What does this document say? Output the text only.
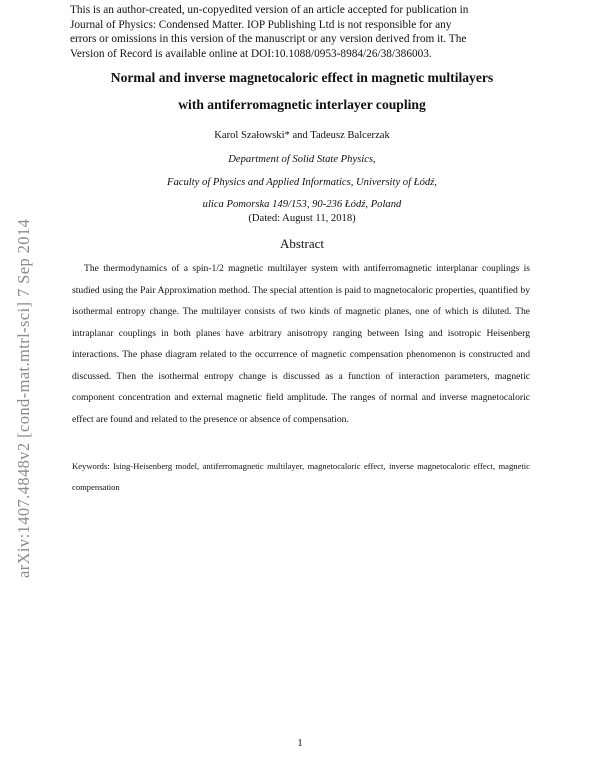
This is an author-created, un-copyedited version of an article accepted for publication in

Journal of Physics: Condensed Matter. IOP Publishing Ltd is not responsible for any

errors or omissions in this version of the manuscript or any version derived from it. The

Version of Record is available online at DOI:10.1088/0953-8984/26/38/386003.

Normal and inverse magnetocaloric effect in magnetic multilayers
with antiferromagnetic interlayer coupling
Karol Szałowski* and Tadeusz Balcerzak
Department of Solid State Physics,
Faculty of Physics and Applied Informatics, University of Łódź,
ulica Pomorska 149/153, 90-236 Łódź, Poland
(Dated: August 11, 2018)
Abstract

The thermodynamics of a spin-1/2 magnetic multilayer system with antiferromagnetic interplanar couplings is studied using the Pair Approximation method. The special attention is paid to magnetocaloric properties, quantified by isothermal entropy change. The multilayer consists of two kinds of magnetic planes, one of which is diluted. The intraplanar couplings in both planes have arbitrary anisotropy ranging between Ising and isotropic Heisenberg interactions. The phase diagram related to the occurrence of magnetic compensation phenomenon is constructed and discussed. Then the isothermal entropy change is discussed as a function of interaction parameters, magnetic component concentration and external magnetic field amplitude. The ranges of normal and inverse magnetocaloric effect are found and related to the presence or absence of compensation.

Keywords: Ising-Heisenberg model, antiferromagnetic multilayer, magnetocaloric effect, inverse magnetocaloric effect, magnetic compensation

arXiv:1407.4848v2 [cond-mat.mtrl-sci] 7 Sep 2014
1
